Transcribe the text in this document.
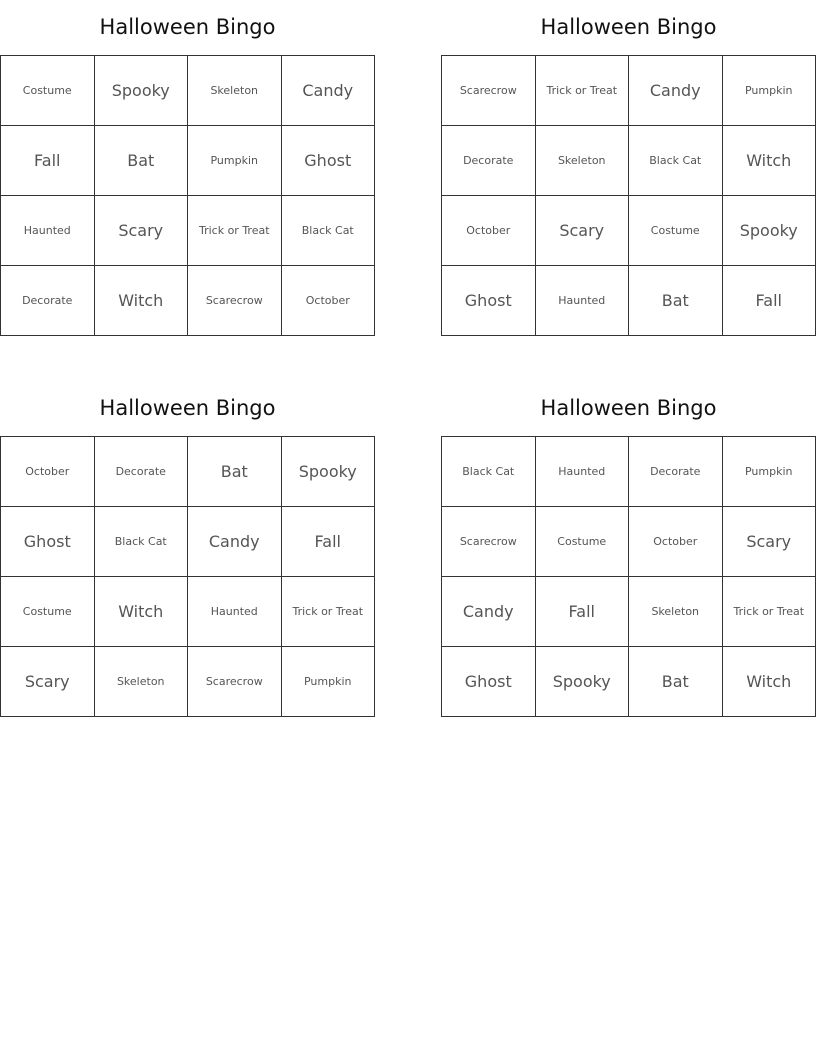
Halloween Bingo
Costume	Spooky	Skeleton	Candy
Fall	Bat	Pumpkin	Ghost
Haunted	Scary	Trick or Treat	Black Cat
Decorate	Witch	Scarecrow	October
Halloween Bingo
Scarecrow	Trick or Treat	Candy	Pumpkin
Decorate	Skeleton	Black Cat	Witch
October	Scary	Costume	Spooky
Ghost	Haunted	Bat	Fall
Halloween Bingo
October	Decorate	Bat	Spooky
Ghost	Black Cat	Candy	Fall
Costume	Witch	Haunted	Trick or Treat
Scary	Skeleton	Scarecrow	Pumpkin
Halloween Bingo
Black Cat	Haunted	Decorate	Pumpkin
Scarecrow	Costume	October	Scary
Candy	Fall	Skeleton	Trick or Treat
Ghost	Spooky	Bat	Witch
